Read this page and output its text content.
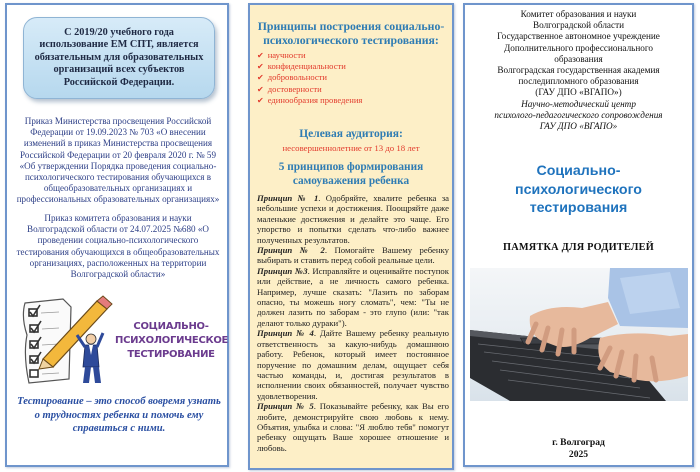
С 2019/20 учебного года использование ЕМ СПТ, является обязательным для образовательных организаций всех субъектов Российской Федерации.
Приказ Министерства просвещения Российской Федерации от 19.09.2023 № 703 «О внесении изменений в приказ Министерства просвещения Российской Федерации от 20 февраля 2020 г. № 59 «Об утверждении Порядка проведения социально-психологического тестирования обучающихся в общеобразовательных организациях и профессиональных образовательных организациях»
Приказ комитета образования и науки Волгоградской области от 24.07.2025 №680 «О проведении социально-психологического тестирования обучающихся в общеобразовательных организациях, расположенных на территории Волгоградской области»
СОЦИАЛЬНО-
ПСИХОЛОГИЧЕСКОЕ
ТЕСТИРОВАНИЕ
Тестирование – это способ вовремя узнать о трудностях ребенка и помочь ему справиться с ними.
Принципы построения социально-психологического тестирования:
✔ научности
✔ конфиденциальности
✔ добровольности
✔ достоверности
✔ единообразия проведения
Целевая аудитория:
несовершеннолетние от 13 до 18 лет
5 принципов формирования самоуважения ребенка
Принцип № 1. Одобряйте, хвалите ребенка за небольшие успехи и достижения. Поощряйте даже маленькие достижения и делайте это чаще. Его упорство и попытки сделать что-либо важнее полученных результатов.
Принцип № 2. Помогайте Вашему ребенку выбирать и ставить перед собой реальные цели.
Принцип №3. Исправляйте и оценивайте поступок или действие, а не личность самого ребенка. Например, лучше сказать: "Лазить по заборам опасно, ты можешь ногу сломать", чем: "Ты не должен лазить по заборам - это глупо (или: "так делают только дураки").
Принцип № 4. Дайте Вашему ребенку реальную ответственность за какую-нибудь домашнюю работу. Ребенок, который имеет постоянное поручение по домашним делам, ощущает себя частью команды, и, достигая результатов в исполнении своих обязанностей, получает чувство удовлетворения.
Принцип № 5. Показывайте ребенку, как Вы его любите, демонстрируйте свою любовь к нему. Объятия, улыбка и слова: "Я люблю тебя" помогут ребенку ощущать Ваше хорошее отношение и любовь.
Комитет образования и науки
Волгоградской области
Государственное автономное учреждение
Дополнительного профессионального
образования
Волгоградская государственная академия
последипломного образования
(ГАУ ДПО «ВГАПО»)
Научно-методический центр
психолого-педагогического сопровождения
ГАУ ДПО «ВГАПО»
Социально-
психологического
тестирования
ПАМЯТКА ДЛЯ РОДИТЕЛЕЙ
г. Волгоград
2025
